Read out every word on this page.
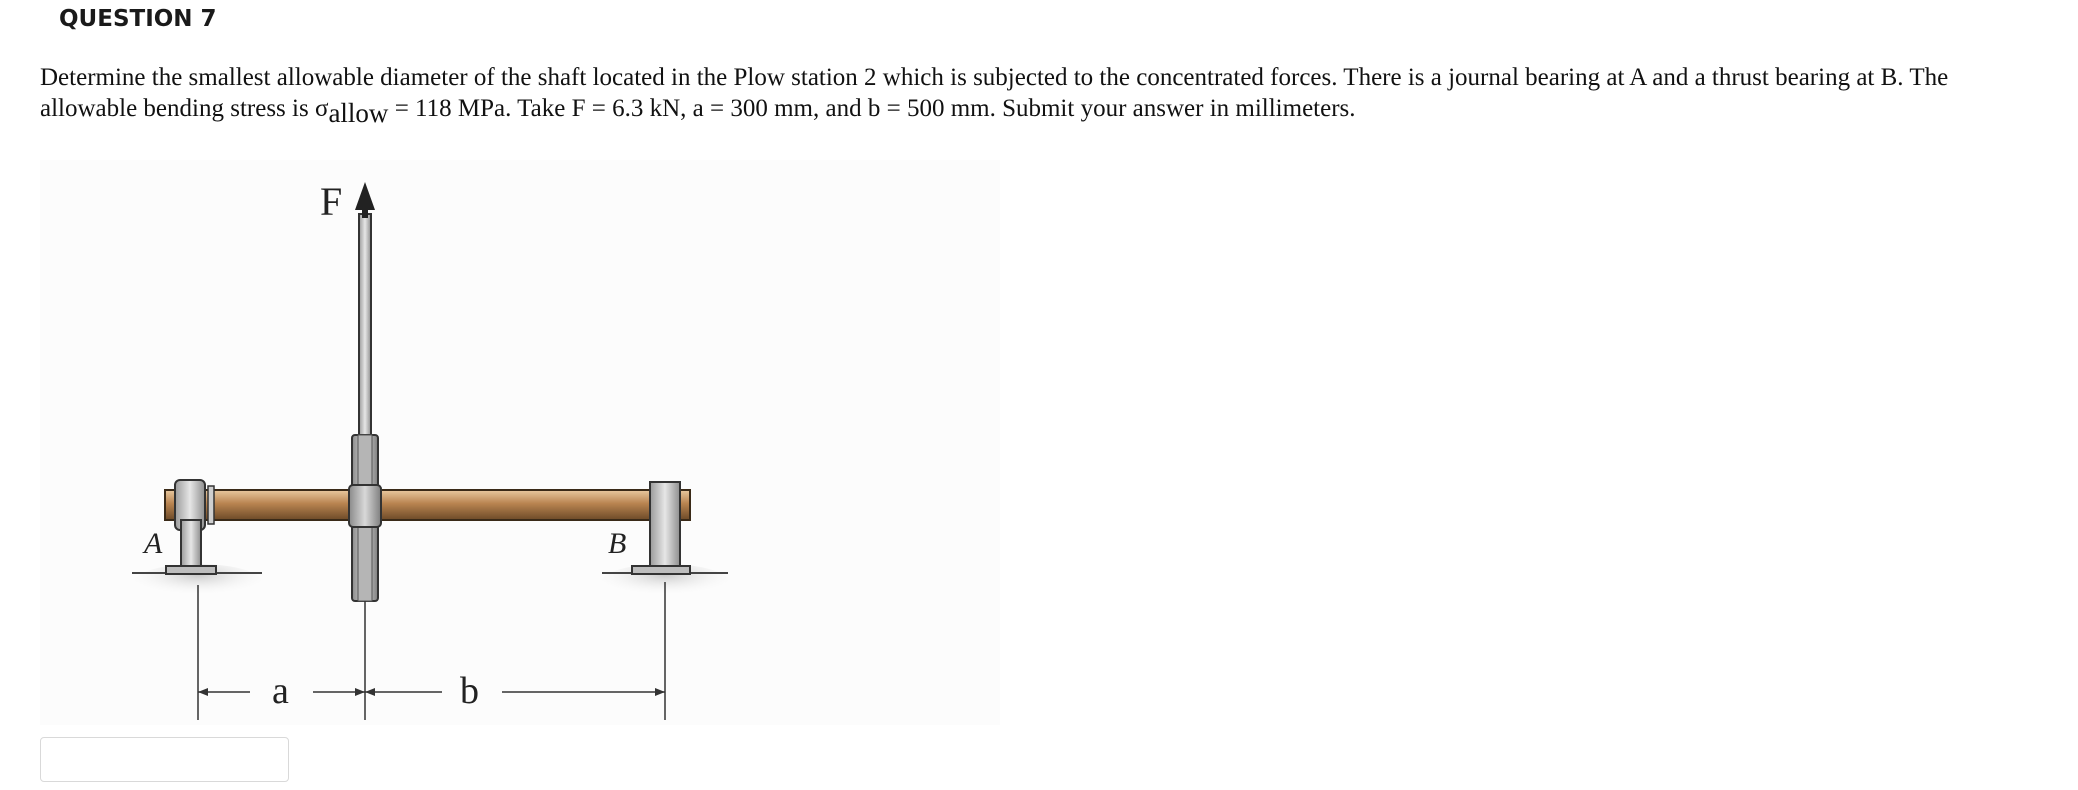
QUESTION 7
Determine the smallest allowable diameter of the shaft located in the Plow station 2 which is subjected to the concentrated forces. There is a journal bearing at A and a thrust bearing at B. The allowable bending stress is σallow = 118 MPa. Take F = 6.3 kN, a = 300 mm, and b = 500 mm. Submit your answer in millimeters.
F
A	B
a	b
